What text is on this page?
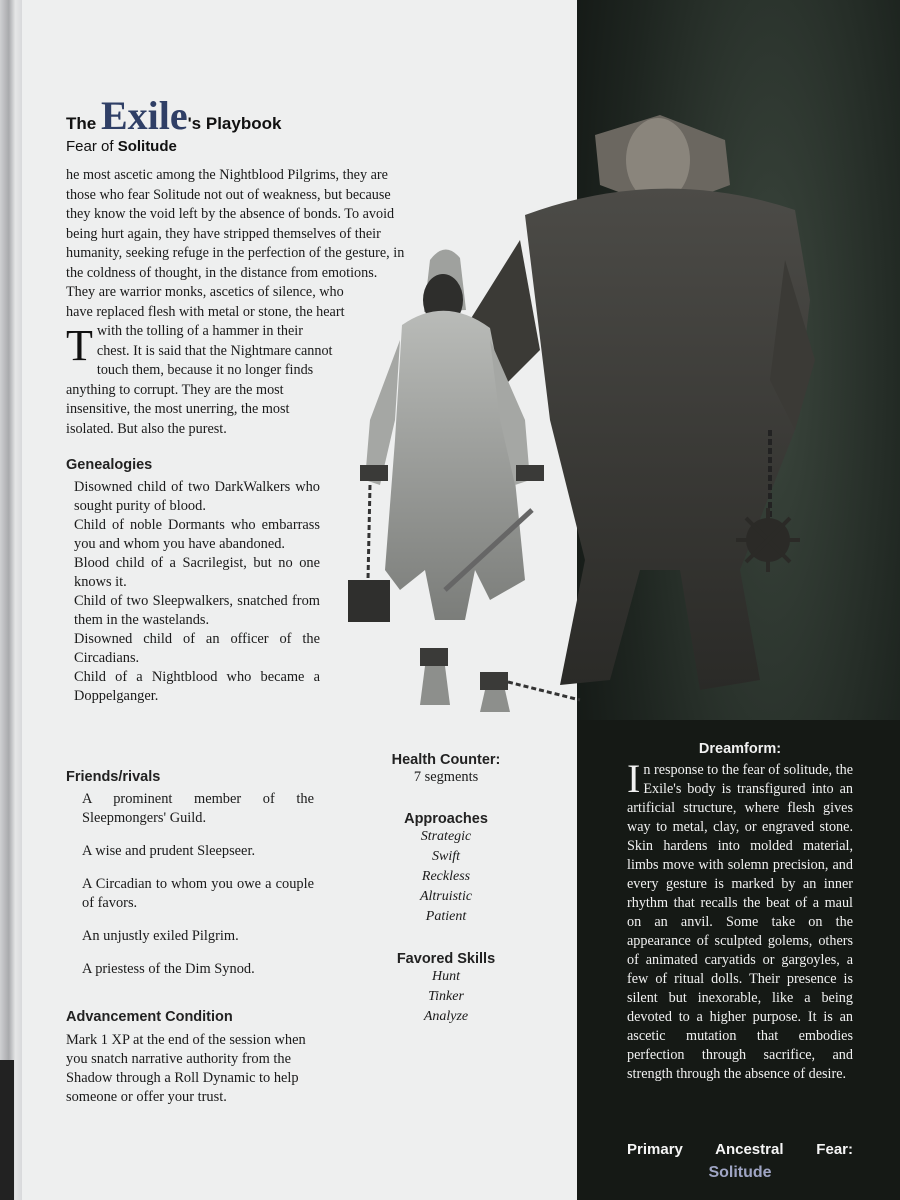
The Exile's Playbook
Fear of Solitude
T
he most ascetic among the Nightblood Pilgrims, they are those who fear Solitude not out of weakness, but because they know the void left by the absence of bonds. To avoid being hurt again, they have stripped themselves of their humanity, seeking refuge in the perfection of the gesture, in the coldness of thought, in the distance from emotions. They are warrior monks, ascetics of silence, who have replaced flesh with metal or stone, the heart with the tolling of a hammer in their chest. It is said that the Nightmare cannot touch them, because it no longer finds anything to corrupt. They are the most insensitive, the most unerring, the most isolated. But also the purest.
Genealogies

Disowned child of two DarkWalkers who sought purity of blood.

Child of noble Dormants who embarrass you and whom you have abandoned.

Blood child of a Sacrilegist, but no one knows it.

Child of two Sleepwalkers, snatched from them in the wastelands.

Disowned child of an officer of the Circadians.

Child of a Nightblood who became a Doppelganger.

Friends/rivals

A prominent member of the Sleepmongers' Guild.

A wise and prudent Sleepseer.

A Circadian to whom you owe a couple of favors.

An unjustly exiled Pilgrim.

A priestess of the Dim Synod.

Advancement Condition

Mark 1 XP at the end of the session when you snatch narrative authority from the Shadow through a Roll Dynamic to help someone or offer your trust.

Health Counter:
7 segments
Approaches
Strategic
Swift
Reckless
Altruistic
Patient
Favored Skills
Hunt
Tinker
Analyze
Dreamform:
I n response to the fear of solitude, the Exile's body is transfigured into an artificial structure, where flesh gives way to metal, clay, or engraved stone. Skin hardens into molded material, limbs move with solemn precision, and every gesture is marked by an inner rhythm that recalls the beat of a maul on an anvil. Some take on the appearance of sculpted golems, others of animated caryatids or gargoyles, a few of ritual dolls. Their presence is silent but inexorable, like a being devoted to a higher purpose. It is an ascetic mutation that embodies perfection through sacrifice, and strength through the absence of desire.
Primary Ancestral Fear:
Solitude
